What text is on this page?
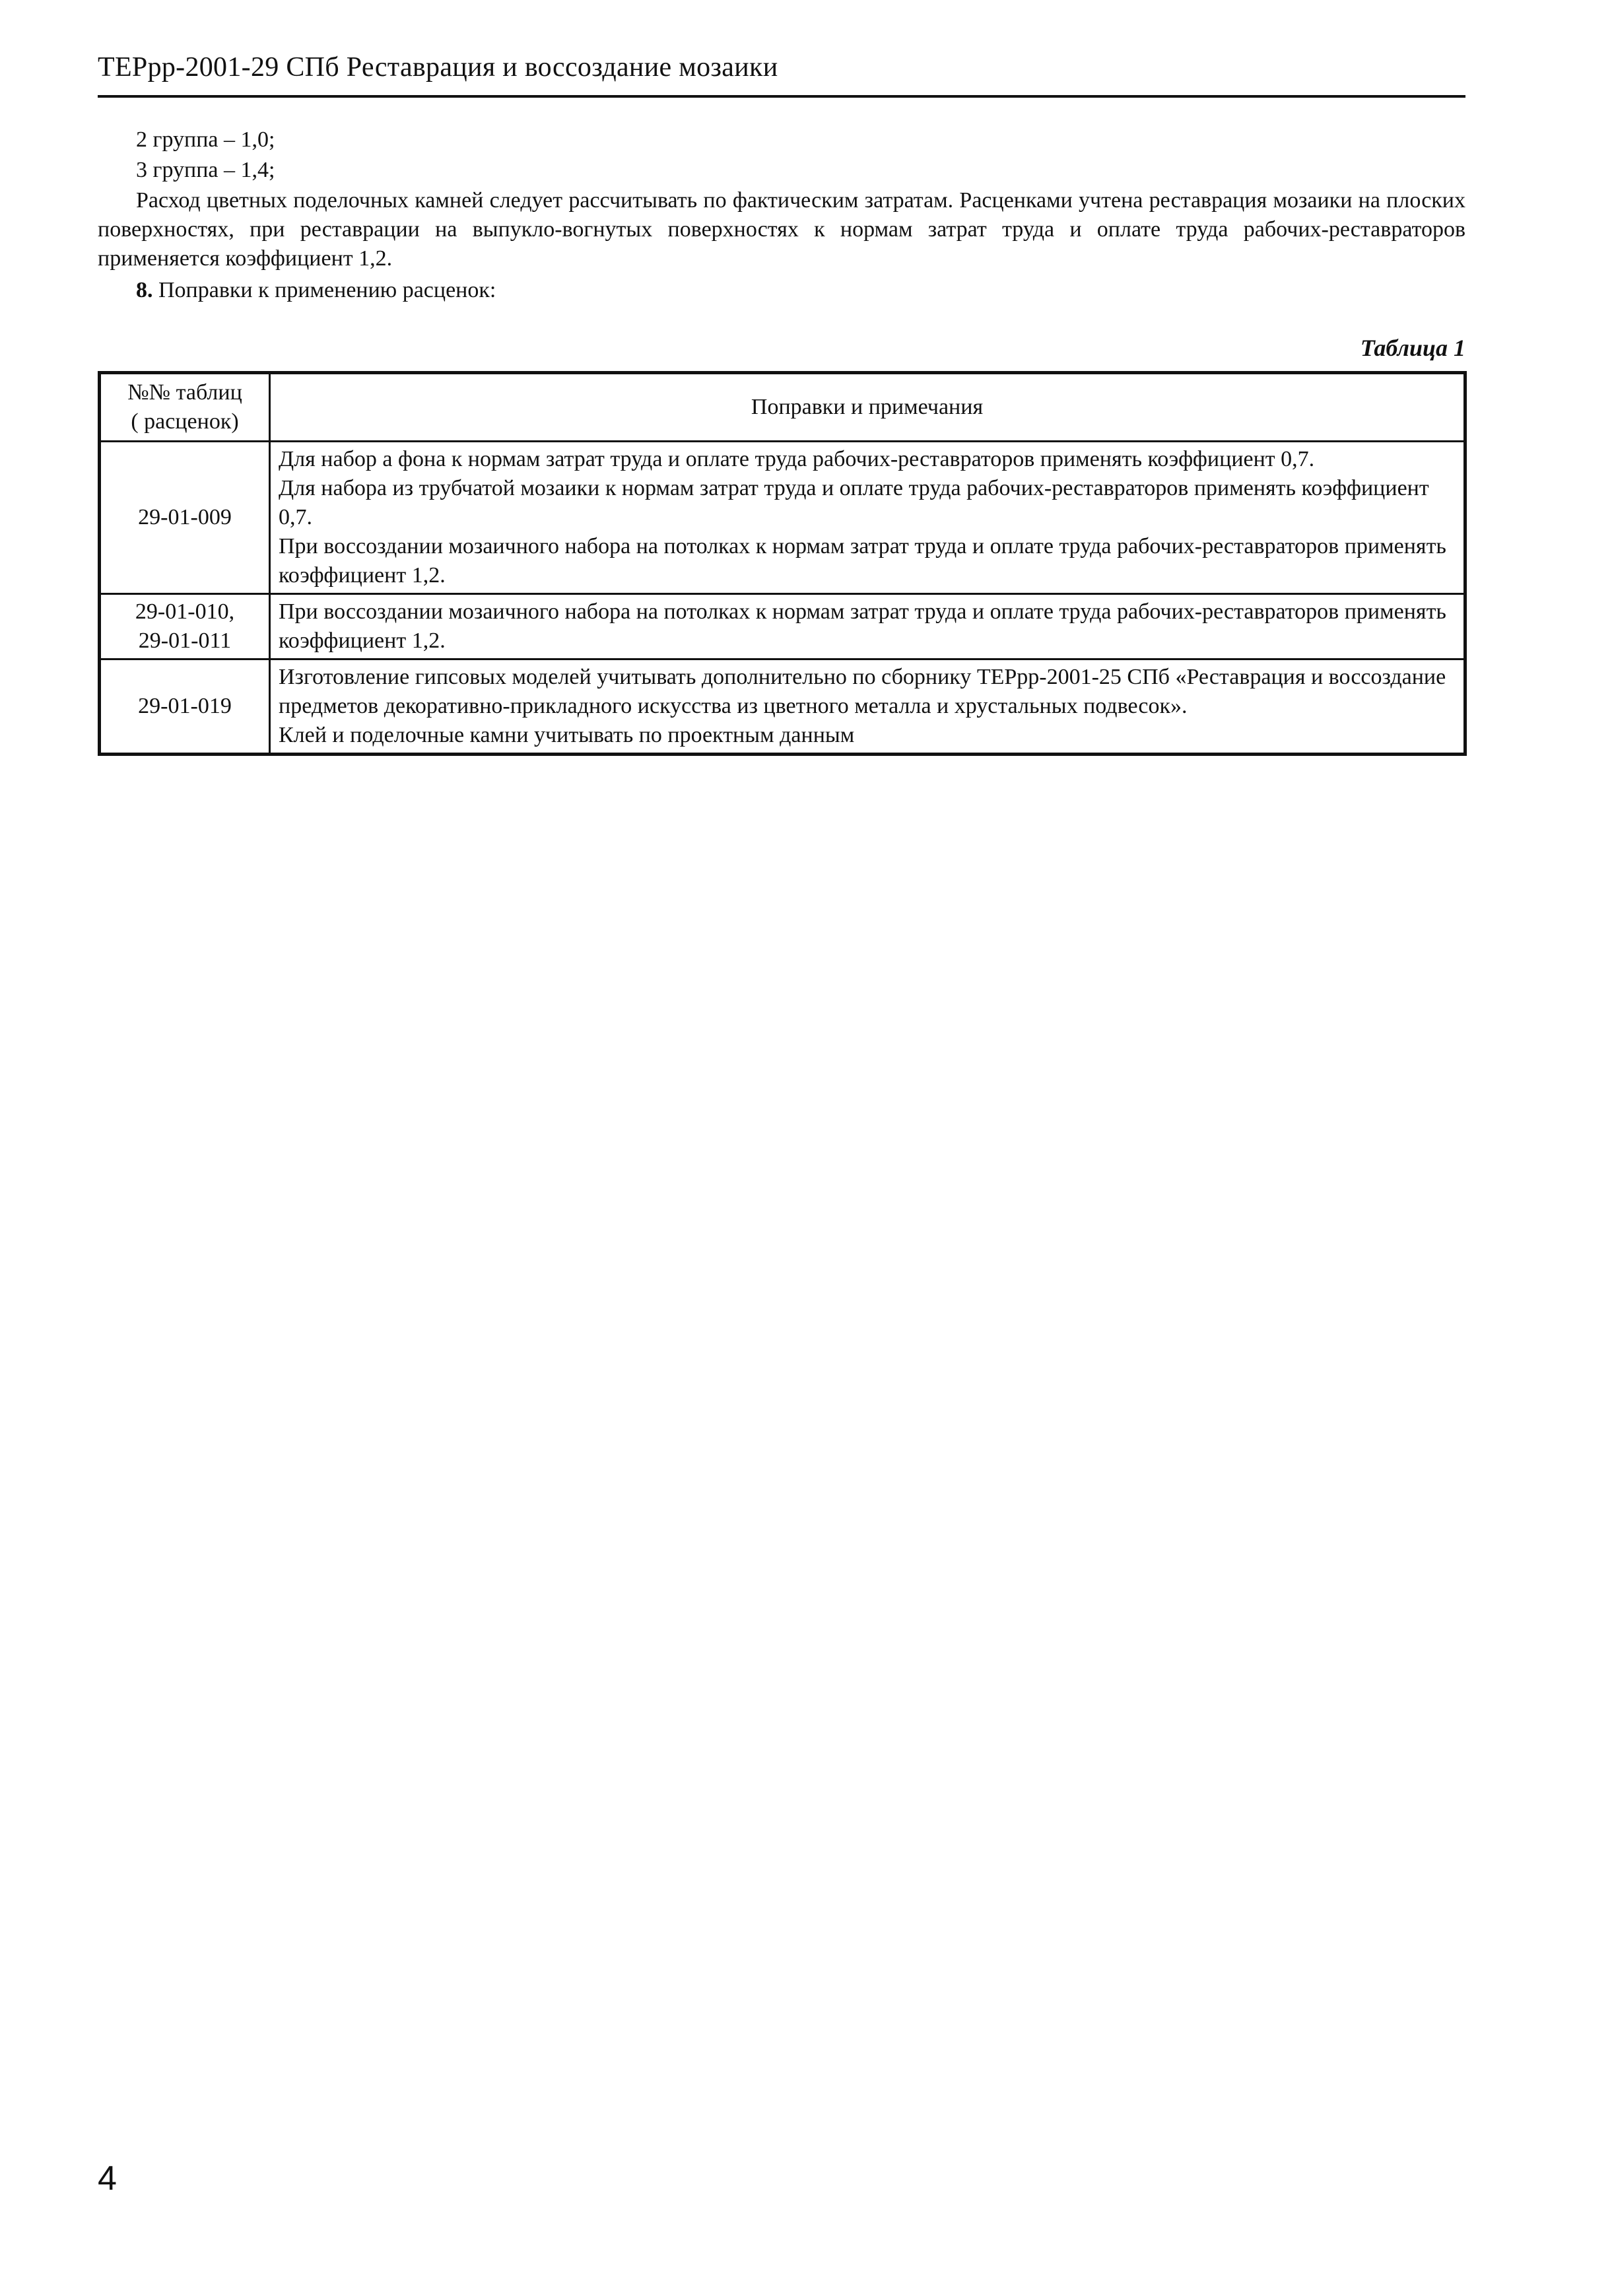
ТЕРрр-2001-29 СПб Реставрация и воссоздание мозаики
2 группа – 1,0;
3 группа – 1,4;
Расход цветных поделочных камней следует рассчитывать по фактическим затратам. Расценками учтена реставрация мозаики на плоских поверхностях, при реставрации на выпукло-вогнутых поверхностях к нормам затрат труда и оплате труда рабочих-реставраторов применяется коэффициент 1,2.
8. Поправки к применению расценок:
Таблица 1
№№ таблиц
( расценок)	Поправки и примечания

29-01-009	Для набор а фона к нормам затрат труда и оплате труда рабочих-реставраторов применять коэффициент 0,7.
Для набора из трубчатой мозаики к нормам затрат труда и оплате труда рабочих-реставраторов применять коэффициент 0,7.
При воссоздании мозаичного набора на потолках к нормам затрат труда и оплате труда рабочих-реставраторов применять коэффициент 1,2.

29-01-010,
29-01-011	При воссоздании мозаичного набора на потолках к нормам затрат труда и оплате труда рабочих-реставраторов применять коэффициент 1,2.

29-01-019	Изготовление гипсовых моделей учитывать дополнительно по сборнику ТЕРрр-2001-25 СПб «Реставрация и воссоздание предметов декоративно-прикладного искусства из цветного металла и хрустальных подвесок».
Клей и поделочные камни учитывать по проектным данным
4
